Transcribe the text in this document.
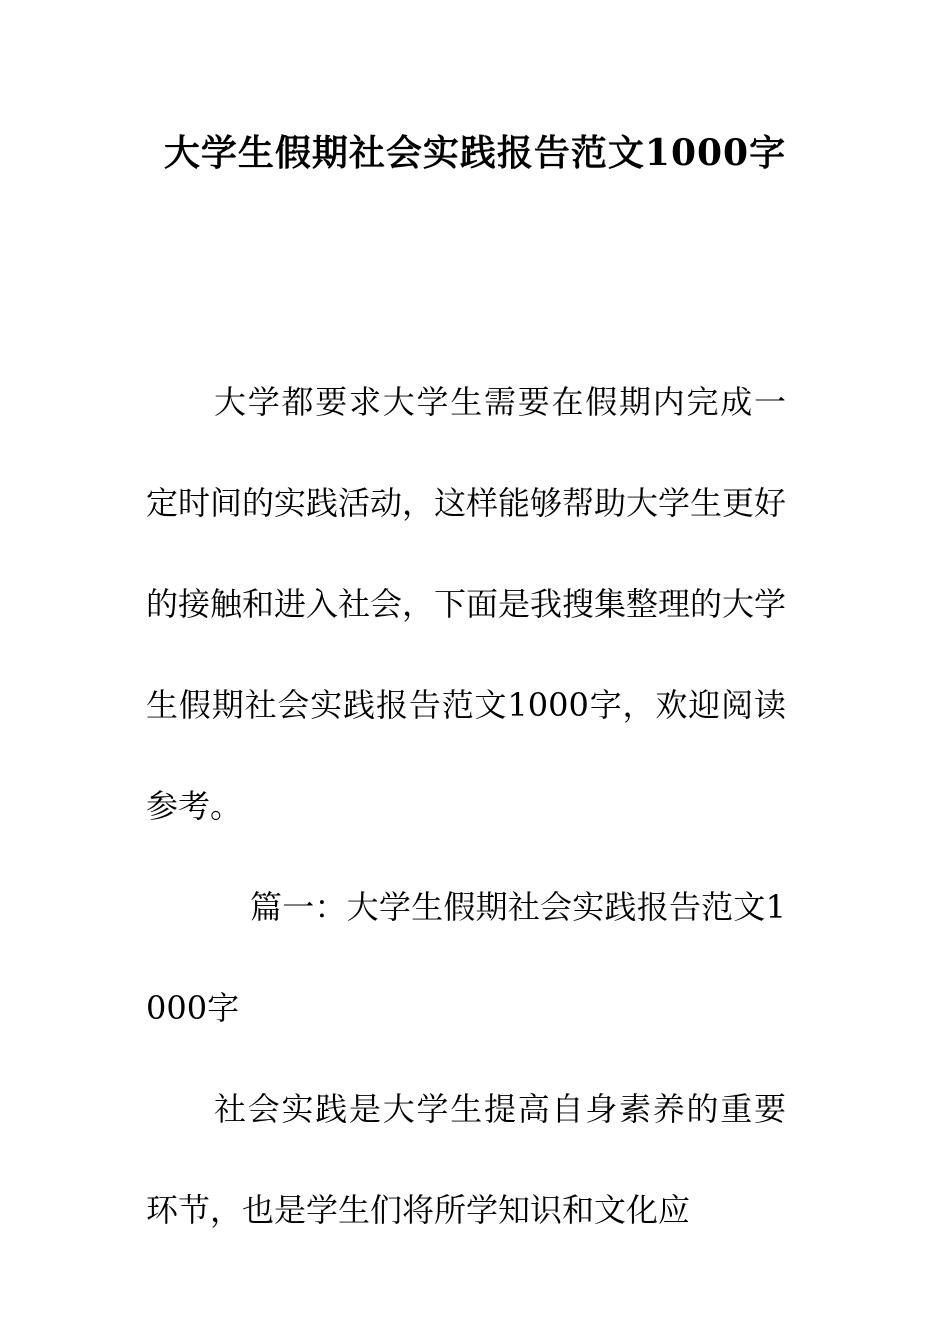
大学生假期社会实践报告范文1000字

大学都要求大学生需要在假期内完成一定时间的实践活动，这样能够帮助大学生更好的接触和进入社会，下面是我搜集整理的大学生假期社会实践报告范文1000字，欢迎阅读参考。

篇一：大学生假期社会实践报告范文1000字

社会实践是大学生提高自身素养的重要环节，也是学生们将所学知识和文化应
